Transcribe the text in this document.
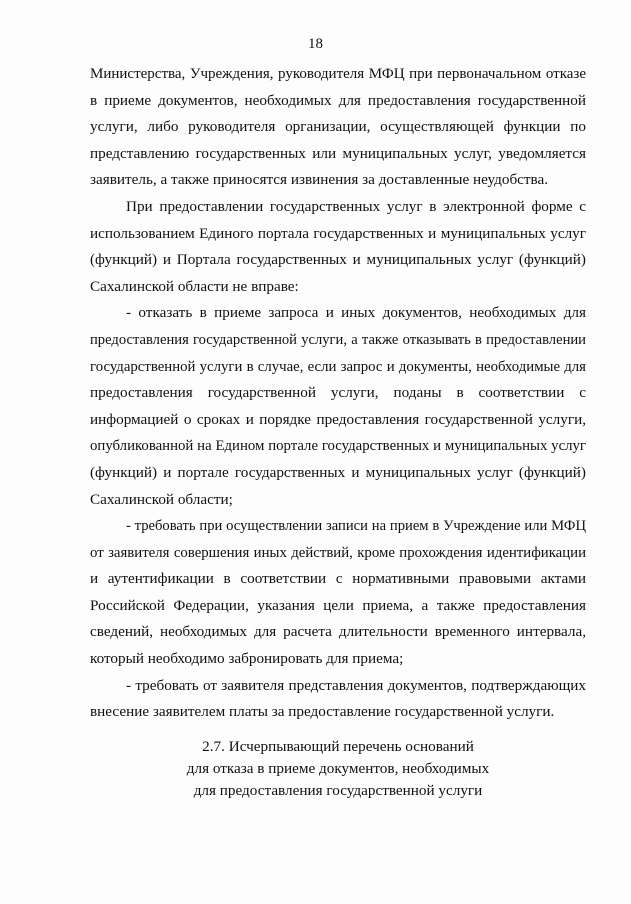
18

Министерства, Учреждения, руководителя МФЦ при первоначальном отказе
в приеме документов, необходимых для предоставления государственной
услуги, либо руководителя организации, осуществляющей функции по
представлению государственных или муниципальных услуг, уведомляется
заявитель, а также приносятся извинения за доставленные неудобства.

При предоставлении государственных услуг в электронной форме с
использованием Единого портала государственных и муниципальных услуг
(функций) и Портала государственных и муниципальных услуг (функций)
Сахалинской области не вправе:

- отказать в приеме запроса и иных документов, необходимых для
предоставления государственной услуги, а также отказывать в предоставлении
государственной услуги в случае, если запрос и документы, необходимые для
предоставления государственной услуги, поданы в соответствии с
информацией о сроках и порядке предоставления государственной услуги,
опубликованной на Едином портале государственных и муниципальных услуг
(функций) и портале государственных и муниципальных услуг (функций)
Сахалинской области;

- требовать при осуществлении записи на прием в Учреждение или МФЦ
от заявителя совершения иных действий, кроме прохождения идентификации
и аутентификации в соответствии с нормативными правовыми актами
Российской Федерации, указания цели приема, а также предоставления
сведений, необходимых для расчета длительности временного интервала,
который необходимо забронировать для приема;

- требовать от заявителя представления документов, подтверждающих
внесение заявителем платы за предоставление государственной услуги.

2.7. Исчерпывающий перечень оснований
для отказа в приеме документов, необходимых
для предоставления государственной услуги
